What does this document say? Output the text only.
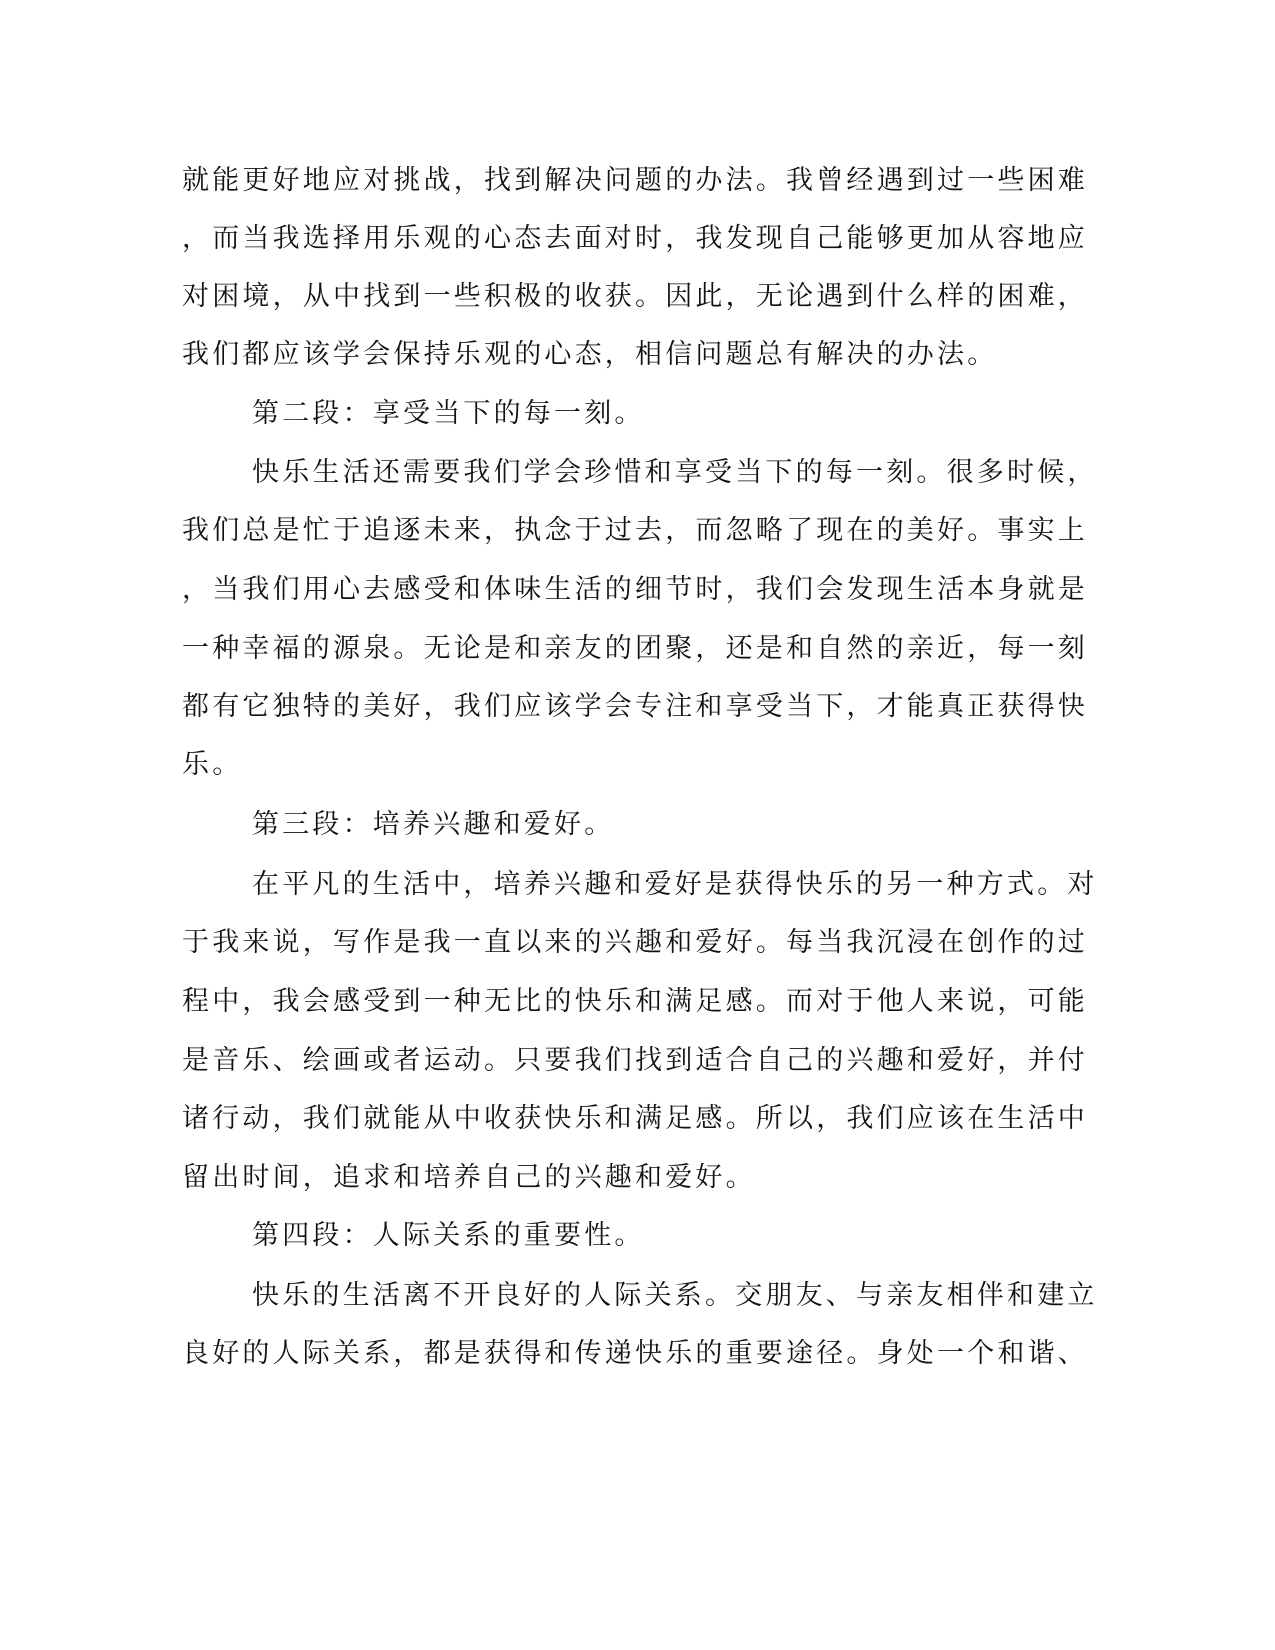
就能更好地应对挑战，找到解决问题的办法。我曾经遇到过一些困难
，而当我选择用乐观的心态去面对时，我发现自己能够更加从容地应
对困境，从中找到一些积极的收获。因此，无论遇到什么样的困难，
我们都应该学会保持乐观的心态，相信问题总有解决的办法。
第二段：享受当下的每一刻。
快乐生活还需要我们学会珍惜和享受当下的每一刻。很多时候，
我们总是忙于追逐未来，执念于过去，而忽略了现在的美好。事实上
，当我们用心去感受和体味生活的细节时，我们会发现生活本身就是
一种幸福的源泉。无论是和亲友的团聚，还是和自然的亲近，每一刻
都有它独特的美好，我们应该学会专注和享受当下，才能真正获得快
乐。
第三段：培养兴趣和爱好。
在平凡的生活中，培养兴趣和爱好是获得快乐的另一种方式。对
于我来说，写作是我一直以来的兴趣和爱好。每当我沉浸在创作的过
程中，我会感受到一种无比的快乐和满足感。而对于他人来说，可能
是音乐、绘画或者运动。只要我们找到适合自己的兴趣和爱好，并付
诸行动，我们就能从中收获快乐和满足感。所以，我们应该在生活中
留出时间，追求和培养自己的兴趣和爱好。
第四段：人际关系的重要性。
快乐的生活离不开良好的人际关系。交朋友、与亲友相伴和建立
良好的人际关系，都是获得和传递快乐的重要途径。身处一个和谐、
